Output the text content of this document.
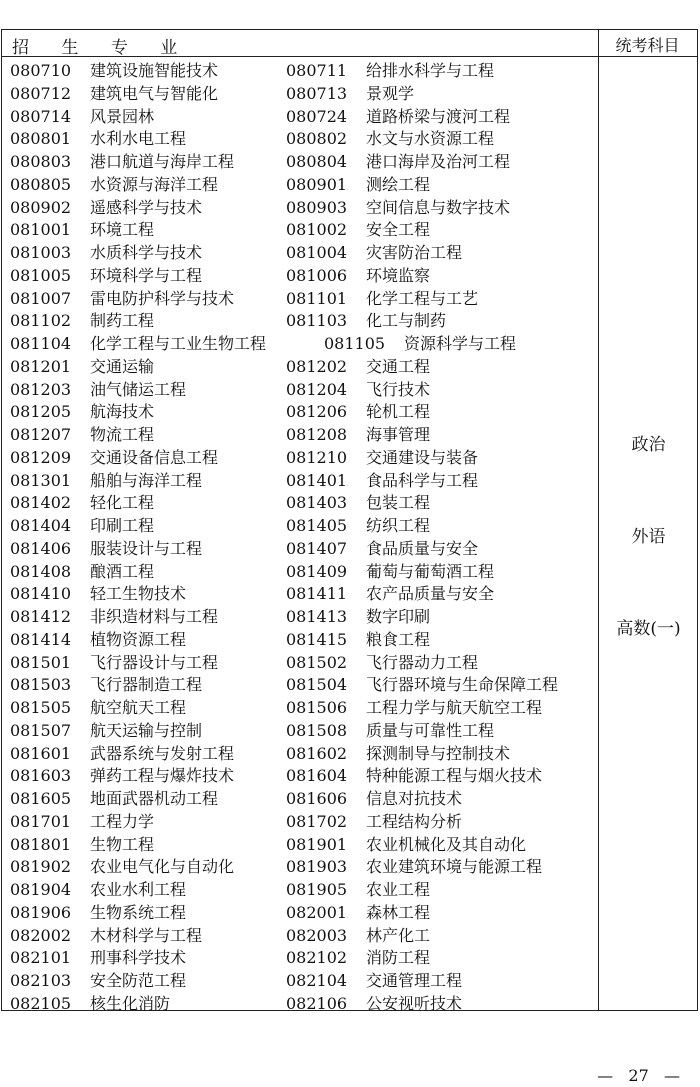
招      生      专      业	统考科目
080710 建筑设施智能技术	080711 给排水科学与工程
080712 建筑电气与智能化	080713 景观学
080714 风景园林	080724 道路桥梁与渡河工程
080801 水利水电工程	080802 水文与水资源工程
080803 港口航道与海岸工程	080804 港口海岸及治河工程
080805 水资源与海洋工程	080901 测绘工程
080902 遥感科学与技术	080903 空间信息与数字技术
081001 环境工程	081002 安全工程
081003 水质科学与技术	081004 灾害防治工程
081005 环境科学与工程	081006 环境监察
081007 雷电防护科学与技术	081101 化学工程与工艺
081102 制药工程	081103 化工与制药
081104 化学工程与工业生物工程	081105 资源科学与工程
081201 交通运输	081202 交通工程
081203 油气储运工程	081204 飞行技术
081205 航海技术	081206 轮机工程
081207 物流工程	081208 海事管理
081209 交通设备信息工程	081210 交通建设与装备
081301 船舶与海洋工程	081401 食品科学与工程
081402 轻化工程	081403 包装工程
081404 印刷工程	081405 纺织工程
081406 服装设计与工程	081407 食品质量与安全
081408 酿酒工程	081409 葡萄与葡萄酒工程
081410 轻工生物技术	081411 农产品质量与安全
081412 非织造材料与工程	081413 数字印刷
081414 植物资源工程	081415 粮食工程
081501 飞行器设计与工程	081502 飞行器动力工程
081503 飞行器制造工程	081504 飞行器环境与生命保障工程
081505 航空航天工程	081506 工程力学与航天航空工程
081507 航天运输与控制	081508 质量与可靠性工程
081601 武器系统与发射工程	081602 探测制导与控制技术
081603 弹药工程与爆炸技术	081604 特种能源工程与烟火技术
081605 地面武器机动工程	081606 信息对抗技术
081701 工程力学	081702 工程结构分析
081801 生物工程	081901 农业机械化及其自动化
081902 农业电气化与自动化	081903 农业建筑环境与能源工程
081904 农业水利工程	081905 农业工程
081906 生物系统工程	082001 森林工程
082002 木材科学与工程	082003 林产化工
082101 刑事科学技术	082102 消防工程
082103 安全防范工程	082104 交通管理工程
082105 核生化消防	082106 公安视听技术
政治
外语
高数(一)
—   27   —
